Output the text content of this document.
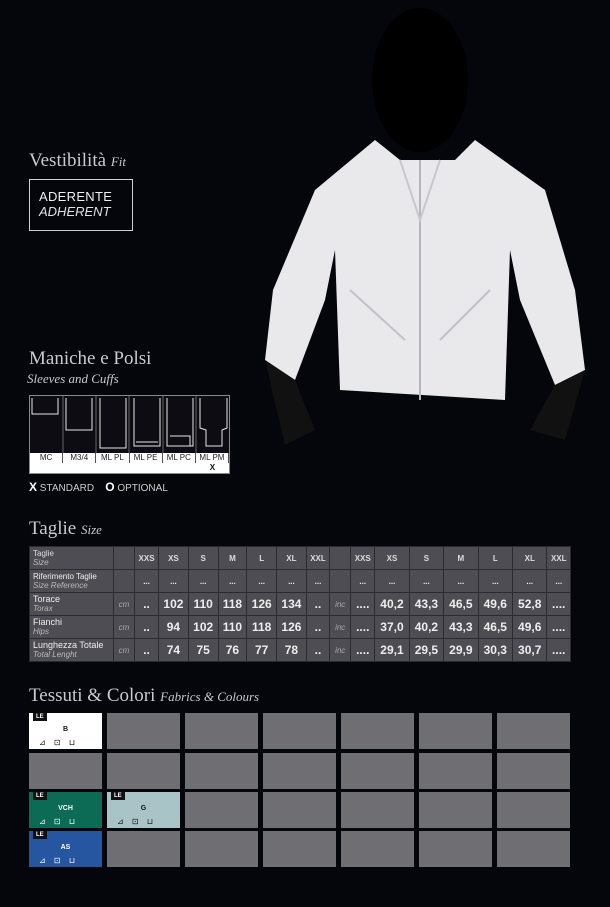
Vestibilità Fit
ADERENTE
ADHERENT
Maniche e Polsi
Sleeves and Cuffs
MC	M3/4	ML PL	ML PE	ML PC	ML PM
X
X STANDARD O OPTIONAL
Taglie Size
Taglie
Size		XXS	XS	S	M	L	XL	XXL		XXS	XS	S	M	L	XL	XXL
Riferimento Taglie
Size Reference		...	...	...	...	...	...	...		...	...	...	...	...	...	...
Torace
Torax	cm	..	102	110	118	126	134	..	inc	....	40,2	43,3	46,5	49,6	52,8	....
Fianchi
Hips	cm	..	94	102	110	118	126	..	inc	....	37,0	40,2	43,3	46,5	49,6	....
Lunghezza Totale
Total Lenght	cm	..	74	75	76	77	78	..	inc	....	29,1	29,5	29,9	30,3	30,7	....
Tessuti & Colori Fabrics & Colours
LE
B
⊿ ⊡ ⊔
LE
VCH
⊿ ⊡ ⊔
LE
G
⊿ ⊡ ⊔
LE
AS
⊿ ⊡ ⊔
